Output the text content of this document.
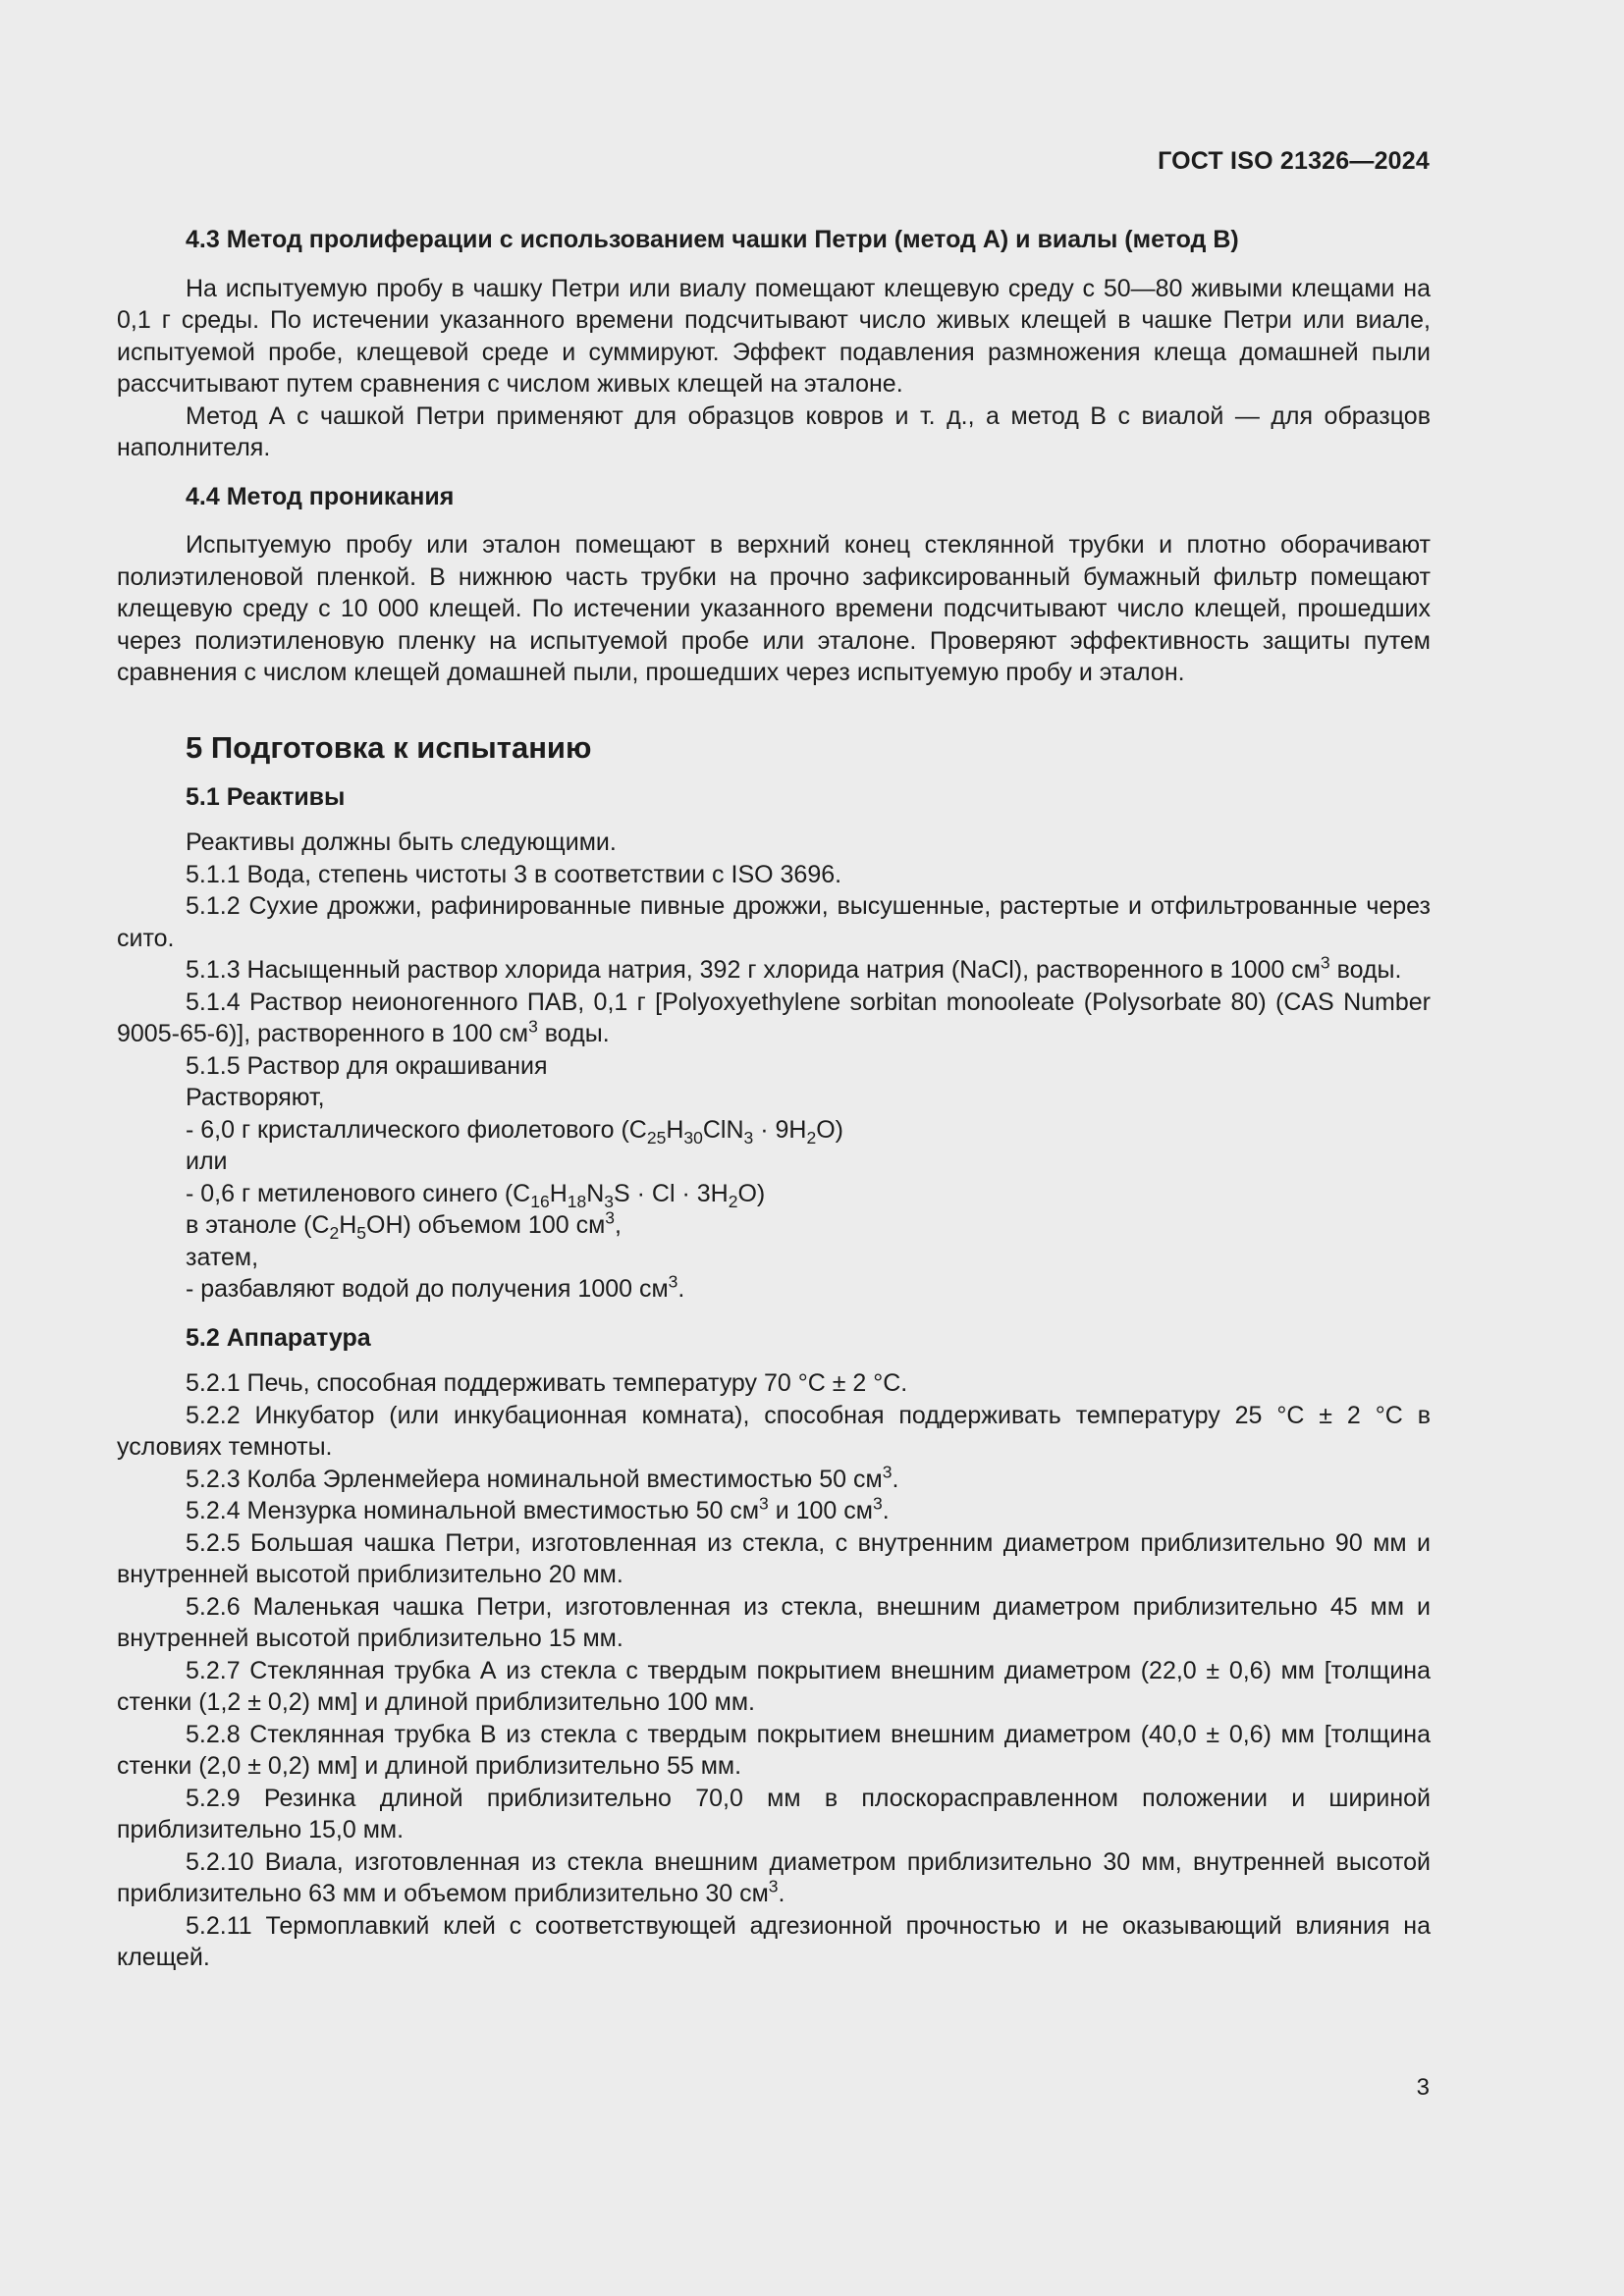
ГОСТ ISO 21326—2024
4.3 Метод пролиферации с использованием чашки Петри (метод А) и виалы (метод В)

На испытуемую пробу в чашку Петри или виалу помещают клещевую среду с 50—80 живыми клещами на 0,1 г среды. По истечении указанного времени подсчитывают число живых клещей в чашке Петри или виале, испытуемой пробе, клещевой среде и суммируют. Эффект подавления размножения клеща домашней пыли рассчитывают путем сравнения с числом живых клещей на эталоне.

Метод А с чашкой Петри применяют для образцов ковров и т. д., а метод В с виалой — для образцов наполнителя.

4.4 Метод проникания

Испытуемую пробу или эталон помещают в верхний конец стеклянной трубки и плотно оборачивают полиэтиленовой пленкой. В нижнюю часть трубки на прочно зафиксированный бумажный фильтр помещают клещевую среду с 10 000 клещей. По истечении указанного времени подсчитывают число клещей, прошедших через полиэтиленовую пленку на испытуемой пробе или эталоне. Проверяют эффективность защиты путем сравнения с числом клещей домашней пыли, прошедших через испытуемую пробу и эталон.

5 Подготовка к испытанию
5.1 Реактивы

Реактивы должны быть следующими.

5.1.1 Вода, степень чистоты 3 в соответствии с ISO 3696.

5.1.2 Сухие дрожжи, рафинированные пивные дрожжи, высушенные, растертые и отфильтрованные через сито.

5.1.3 Насыщенный раствор хлорида натрия, 392 г хлорида натрия (NaCl), растворенного в 1000 $см^3$ воды.

5.1.4 Раствор неионогенного ПАВ, 0,1 г [Polyoxyethylene sorbitan monooleate (Polysorbate 80) (CAS Number 9005-65-6)], растворенного в 100 $см^3$ воды.

5.1.5 Раствор для окрашивания

Растворяют,

- 6,0 г кристаллического фиолетового $(C_{25}H_{30}ClN_3 \cdot 9H_2O)$

или

- 0,6 г метиленового синего $(C_{16}H_{18}N_3S \cdot Cl \cdot 3H_2O)$

в этаноле $(C_2H_5OH)$ объемом 100 $см^3$,

затем,

- разбавляют водой до получения 1000 $см^3$.

5.2 Аппаратура

5.2.1 Печь, способная поддерживать температуру 70 °C ± 2 °C.

5.2.2 Инкубатор (или инкубационная комната), способная поддерживать температуру 25 °C ± 2 °C в условиях темноты.

5.2.3 Колба Эрленмейера номинальной вместимостью 50 $см^3$.

5.2.4 Мензурка номинальной вместимостью 50 $см^3$ и 100 $см^3$.

5.2.5 Большая чашка Петри, изготовленная из стекла, с внутренним диаметром приблизительно 90 мм и внутренней высотой приблизительно 20 мм.

5.2.6 Маленькая чашка Петри, изготовленная из стекла, внешним диаметром приблизительно 45 мм и внутренней высотой приблизительно 15 мм.

5.2.7 Стеклянная трубка А из стекла с твердым покрытием внешним диаметром (22,0 ± 0,6) мм [толщина стенки (1,2 ± 0,2) мм] и длиной приблизительно 100 мм.

5.2.8 Стеклянная трубка В из стекла с твердым покрытием внешним диаметром (40,0 ± 0,6) мм [толщина стенки (2,0 ± 0,2) мм] и длиной приблизительно 55 мм.

5.2.9 Резинка длиной приблизительно 70,0 мм в плоскорасправленном положении и шириной приблизительно 15,0 мм.

5.2.10 Виала, изготовленная из стекла внешним диаметром приблизительно 30 мм, внутренней высотой приблизительно 63 мм и объемом приблизительно 30 $см^3$.

5.2.11 Термоплавкий клей с соответствующей адгезионной прочностью и не оказывающий влияния на клещей.

3
